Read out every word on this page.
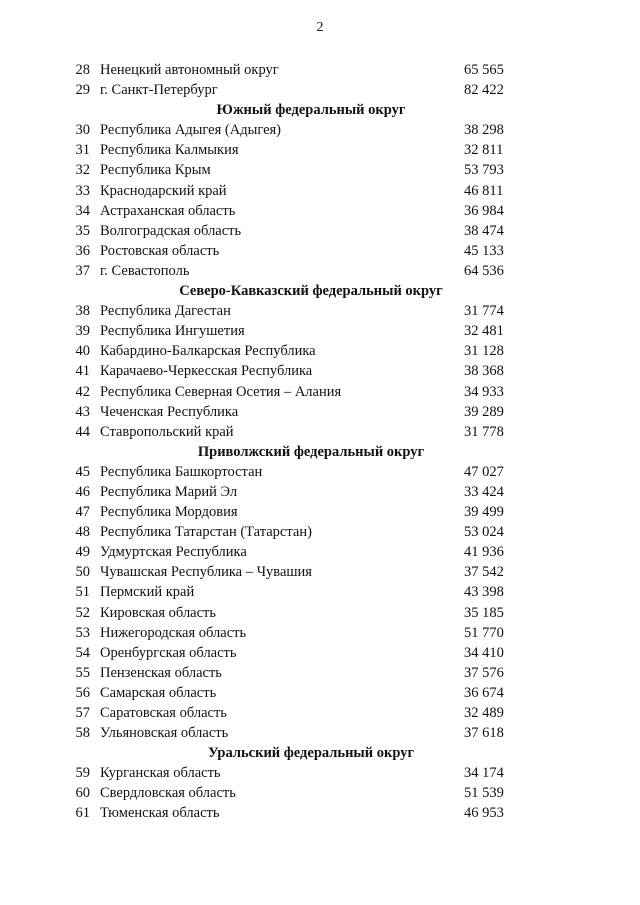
2
28 Ненецкий автономный округ	65 565
29 г. Санкт-Петербург	82 422
Южный федеральный округ
30 Республика Адыгея (Адыгея)	38 298
31 Республика Калмыкия	32 811
32 Республика Крым	53 793
33 Краснодарский край	46 811
34 Астраханская область	36 984
35 Волгоградская область	38 474
36 Ростовская область	45 133
37 г. Севастополь	64 536
Северо-Кавказский федеральный округ
38 Республика Дагестан	31 774
39 Республика Ингушетия	32 481
40 Кабардино-Балкарская Республика	31 128
41 Карачаево-Черкесская Республика	38 368
42 Республика Северная Осетия – Алания	34 933
43 Чеченская Республика	39 289
44 Ставропольский край	31 778
Приволжский федеральный округ
45 Республика Башкортостан	47 027
46 Республика Марий Эл	33 424
47 Республика Мордовия	39 499
48 Республика Татарстан (Татарстан)	53 024
49 Удмуртская Республика	41 936
50 Чувашская Республика – Чувашия	37 542
51 Пермский край	43 398
52 Кировская область	35 185
53 Нижегородская область	51 770
54 Оренбургская область	34 410
55 Пензенская область	37 576
56 Самарская область	36 674
57 Саратовская область	32 489
58 Ульяновская область	37 618
Уральский федеральный округ
59 Курганская область	34 174
60 Свердловская область	51 539
61 Тюменская область	46 953
